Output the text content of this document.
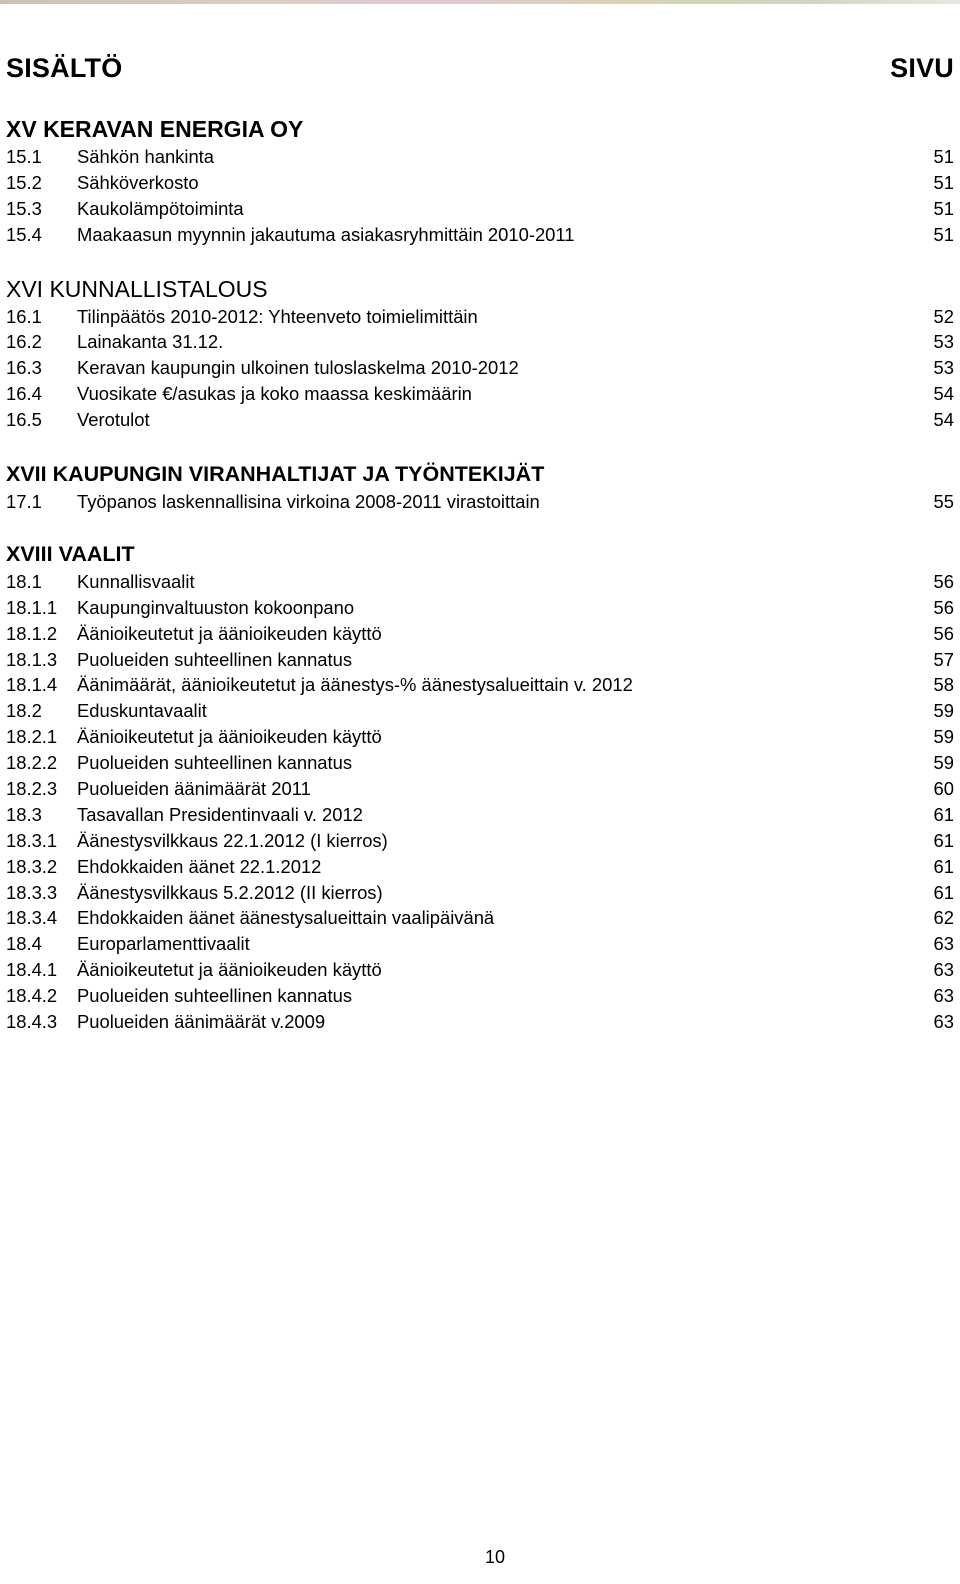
SISÄLTÖ	SIVU
XV KERAVAN ENERGIA OY
15.1 Sähkön hankinta	51
15.2 Sähköverkosto	51
15.3 Kaukolämpötoiminta	51
15.4 Maakaasun myynnin jakautuma asiakasryhmittäin 2010-2011	51
XVI KUNNALLISTALOUS
16.1 Tilinpäätös 2010-2012: Yhteenveto toimielimittäin	52
16.2 Lainakanta 31.12.	53
16.3 Keravan kaupungin ulkoinen tuloslaskelma 2010-2012	53
16.4 Vuosikate €/asukas ja koko maassa keskimäärin	54
16.5 Verotulot	54
XVII KAUPUNGIN VIRANHALTIJAT JA TYÖNTEKIJÄT
17.1 Työpanos laskennallisina virkoina 2008-2011 virastoittain	55
XVIII VAALIT
18.1 Kunnallisvaalit	56
18.1.1 Kaupunginvaltuuston kokoonpano	56
18.1.2 Äänioikeutetut ja äänioikeuden käyttö	56
18.1.3 Puolueiden suhteellinen kannatus	57
18.1.4 Äänimäärät, äänioikeutetut ja äänestys-% äänestysalueittain v. 2012	58
18.2 Eduskuntavaalit	59
18.2.1 Äänioikeutetut ja äänioikeuden käyttö	59
18.2.2 Puolueiden suhteellinen kannatus	59
18.2.3 Puolueiden äänimäärät 2011	60
18.3 Tasavallan Presidentinvaali v. 2012	61
18.3.1 Äänestysvilkkaus 22.1.2012 (I kierros)	61
18.3.2 Ehdokkaiden äänet 22.1.2012	61
18.3.3 Äänestysvilkkaus 5.2.2012 (II kierros)	61
18.3.4 Ehdokkaiden äänet äänestysalueittain vaalipäivänä	62
18.4 Europarlamenttivaalit	63
18.4.1 Äänioikeutetut ja äänioikeuden käyttö	63
18.4.2 Puolueiden suhteellinen kannatus	63
18.4.3 Puolueiden äänimäärät v.2009	63
10
